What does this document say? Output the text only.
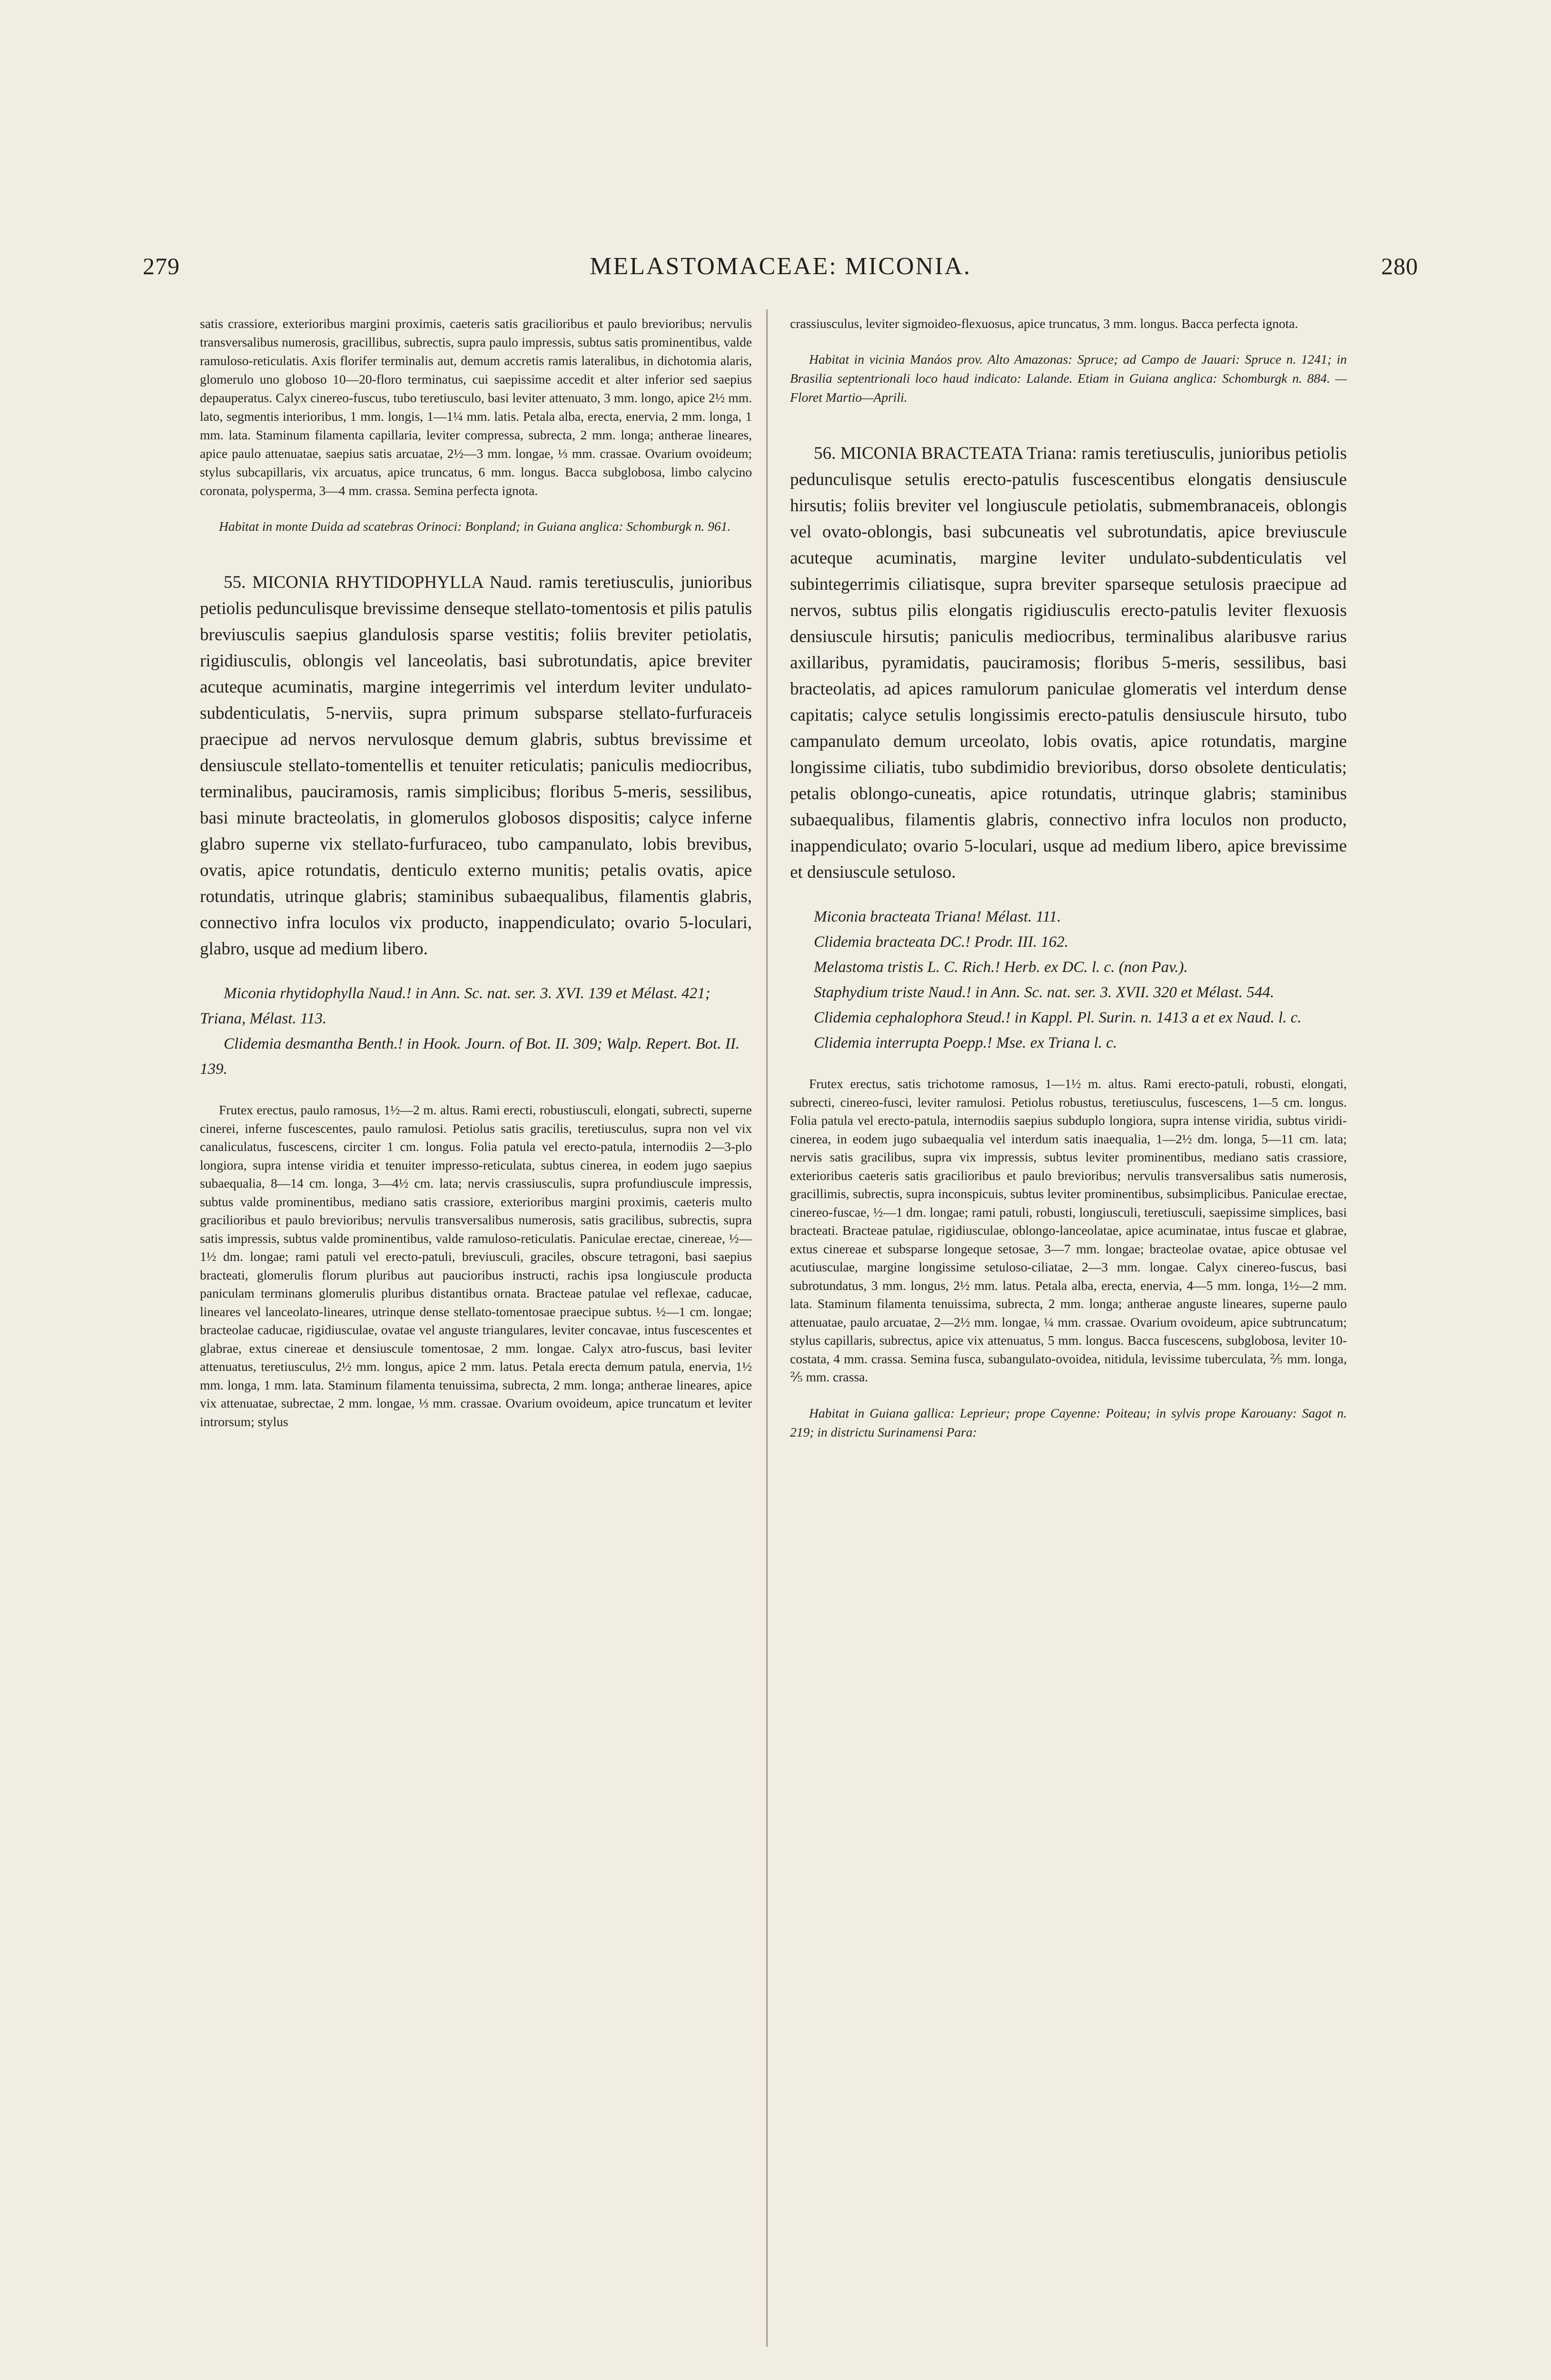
279	MELASTOMACEAE: MICONIA.	280

satis crassiore, exterioribus margini proximis, caeteris satis gracilioribus et paulo brevioribus; nervulis transversalibus numerosis, gracillibus, subrectis, supra paulo impressis, subtus satis prominentibus, valde ramuloso-reticulatis. Axis florifer terminalis aut, demum accretis ramis lateralibus, in dichotomia alaris, glomerulo uno globoso 10—20-floro terminatus, cui saepissime accedit et alter inferior sed saepius depauperatus. Calyx cinereo-fuscus, tubo teretiusculo, basi leviter attenuato, 3 mm. longo, apice 2½ mm. lato, segmentis interioribus, 1 mm. longis, 1—1¼ mm. latis. Petala alba, erecta, enervia, 2 mm. longa, 1 mm. lata. Staminum filamenta capillaria, leviter compressa, subrecta, 2 mm. longa; antherae lineares, apice paulo attenuatae, saepius satis arcuatae, 2½—3 mm. longae, ⅓ mm. crassae. Ovarium ovoideum; stylus subcapillaris, vix arcuatus, apice truncatus, 6 mm. longus. Bacca subglobosa, limbo calycino coronata, polysperma, 3—4 mm. crassa. Semina perfecta ignota.

Habitat in monte Duida ad scatebras Orinoci: Bonpland; in Guiana anglica: Schomburgk n. 961.

55. MICONIA RHYTIDOPHYLLA Naud. ramis teretiusculis, junioribus petiolis pedunculisque brevissime denseque stellato-tomentosis et pilis patulis breviusculis saepius glandulosis sparse vestitis; foliis breviter petiolatis, rigidiusculis, oblongis vel lanceolatis, basi subrotundatis, apice breviter acuteque acuminatis, margine integerrimis vel interdum leviter undulato-subdenticulatis, 5-nerviis, supra primum subsparse stellato-furfuraceis praecipue ad nervos nervulosque demum glabris, subtus brevissime et densiuscule stellato-tomentellis et tenuiter reticulatis; paniculis mediocribus, terminalibus, pauciramosis, ramis simplicibus; floribus 5-meris, sessilibus, basi minute bracteolatis, in glomerulos globosos dispositis; calyce inferne glabro superne vix stellato-furfuraceo, tubo campanulato, lobis brevibus, ovatis, apice rotundatis, denticulo externo munitis; petalis ovatis, apice rotundatis, utrinque glabris; staminibus subaequalibus, filamentis glabris, connectivo infra loculos vix producto, inappendiculato; ovario 5-loculari, glabro, usque ad medium libero.

Miconia rhytidophylla Naud.! in Ann. Sc. nat. ser. 3. XVI. 139 et Mélast. 421; Triana, Mélast. 113.
Clidemia desmantha Benth.! in Hook. Journ. of Bot. II. 309; Walp. Repert. Bot. II. 139.

Frutex erectus, paulo ramosus, 1½—2 m. altus. Rami erecti, robustiusculi, elongati, subrecti, superne cinerei, inferne fuscescentes, paulo ramulosi. Petiolus satis gracilis, teretiusculus, supra non vel vix canaliculatus, fuscescens, circiter 1 cm. longus. Folia patula vel erecto-patula, internodiis 2—3-plo longiora, supra intense viridia et tenuiter impresso-reticulata, subtus cinerea, in eodem jugo saepius subaequalia, 8—14 cm. longa, 3—4½ cm. lata; nervis crassiusculis, supra profundiuscule impressis, subtus valde prominentibus, mediano satis crassiore, exterioribus margini proximis, caeteris multo gracilioribus et paulo brevioribus; nervulis transversalibus numerosis, satis gracilibus, subrectis, supra satis impressis, subtus valde prominentibus, valde ramuloso-reticulatis. Paniculae erectae, cinereae, ½—1½ dm. longae; rami patuli vel erecto-patuli, breviusculi, graciles, obscure tetragoni, basi saepius bracteati, glomerulis florum pluribus aut paucioribus instructi, rachis ipsa longiuscule producta paniculam terminans glomerulis pluribus distantibus ornata. Bracteae patulae vel reflexae, caducae, lineares vel lanceolato-lineares, utrinque dense stellato-tomentosae praecipue subtus. ½—1 cm. longae; bracteolae caducae, rigidiusculae, ovatae vel anguste triangulares, leviter concavae, intus fuscescentes et glabrae, extus cinereae et densiuscule tomentosae, 2 mm. longae. Calyx atro-fuscus, basi leviter attenuatus, teretiusculus, 2½ mm. longus, apice 2 mm. latus. Petala erecta demum patula, enervia, 1½ mm. longa, 1 mm. lata. Staminum filamenta tenuissima, subrecta, 2 mm. longa; antherae lineares, apice vix attenuatae, subrectae, 2 mm. longae, ⅓ mm. crassae. Ovarium ovoideum, apice truncatum et leviter introrsum; stylus

crassiusculus, leviter sigmoideo-flexuosus, apice truncatus, 3 mm. longus. Bacca perfecta ignota.

Habitat in vicinia Manáos prov. Alto Amazonas: Spruce; ad Campo de Jauari: Spruce n. 1241; in Brasilia septentrionali loco haud indicato: Lalande. Etiam in Guiana anglica: Schomburgk n. 884. — Floret Martio—Aprili.

56. MICONIA BRACTEATA Triana: ramis teretiusculis, junioribus petiolis pedunculisque setulis erecto-patulis fuscescentibus elongatis densiuscule hirsutis; foliis breviter vel longiuscule petiolatis, submembranaceis, oblongis vel ovato-oblongis, basi subcuneatis vel subrotundatis, apice breviuscule acuteque acuminatis, margine leviter undulato-subdenticulatis vel subintegerrimis ciliatisque, supra breviter sparseque setulosis praecipue ad nervos, subtus pilis elongatis rigidiusculis erecto-patulis leviter flexuosis densiuscule hirsutis; paniculis mediocribus, terminalibus alaribusve rarius axillaribus, pyramidatis, pauciramosis; floribus 5-meris, sessilibus, basi bracteolatis, ad apices ramulorum paniculae glomeratis vel interdum dense capitatis; calyce setulis longissimis erecto-patulis densiuscule hirsuto, tubo campanulato demum urceolato, lobis ovatis, apice rotundatis, margine longissime ciliatis, tubo subdimidio brevioribus, dorso obsolete denticulatis; petalis oblongo-cuneatis, apice rotundatis, utrinque glabris; staminibus subaequalibus, filamentis glabris, connectivo infra loculos non producto, inappendiculato; ovario 5-loculari, usque ad medium libero, apice brevissime et densiuscule setuloso.

Miconia bracteata Triana! Mélast. 111.
Clidemia bracteata DC.! Prodr. III. 162.
Melastoma tristis L. C. Rich.! Herb. ex DC. l. c. (non Pav.).
Staphydium triste Naud.! in Ann. Sc. nat. ser. 3. XVII. 320 et Mélast. 544.
Clidemia cephalophora Steud.! in Kappl. Pl. Surin. n. 1413 a et ex Naud. l. c.
Clidemia interrupta Poepp.! Mse. ex Triana l. c.

Frutex erectus, satis trichotome ramosus, 1—1½ m. altus. Rami erecto-patuli, robusti, elongati, subrecti, cinereo-fusci, leviter ramulosi. Petiolus robustus, teretiusculus, fuscescens, 1—5 cm. longus. Folia patula vel erecto-patula, internodiis saepius subduplo longiora, supra intense viridia, subtus viridi-cinerea, in eodem jugo subaequalia vel interdum satis inaequalia, 1—2½ dm. longa, 5—11 cm. lata; nervis satis gracilibus, supra vix impressis, subtus leviter prominentibus, mediano satis crassiore, exterioribus caeteris satis gracilioribus et paulo brevioribus; nervulis transversalibus satis numerosis, gracillimis, subrectis, supra inconspicuis, subtus leviter prominentibus, subsimplicibus. Paniculae erectae, cinereo-fuscae, ½—1 dm. longae; rami patuli, robusti, longiusculi, teretiusculi, saepissime simplices, basi bracteati. Bracteae patulae, rigidiusculae, oblongo-lanceolatae, apice acuminatae, intus fuscae et glabrae, extus cinereae et subsparse longeque setosae, 3—7 mm. longae; bracteolae ovatae, apice obtusae vel acutiusculae, margine longissime setuloso-ciliatae, 2—3 mm. longae. Calyx cinereo-fuscus, basi subrotundatus, 3 mm. longus, 2½ mm. latus. Petala alba, erecta, enervia, 4—5 mm. longa, 1½—2 mm. lata. Staminum filamenta tenuissima, subrecta, 2 mm. longa; antherae anguste lineares, superne paulo attenuatae, paulo arcuatae, 2—2½ mm. longae, ¼ mm. crassae. Ovarium ovoideum, apice subtruncatum; stylus capillaris, subrectus, apice vix attenuatus, 5 mm. longus. Bacca fuscescens, subglobosa, leviter 10-costata, 4 mm. crassa. Semina fusca, subangulato-ovoidea, nitidula, levissime tuberculata, ⅖ mm. longa, ⅖ mm. crassa.

Habitat in Guiana gallica: Leprieur; prope Cayenne: Poiteau; in sylvis prope Karouany: Sagot n. 219; in districtu Surinamensi Para:
